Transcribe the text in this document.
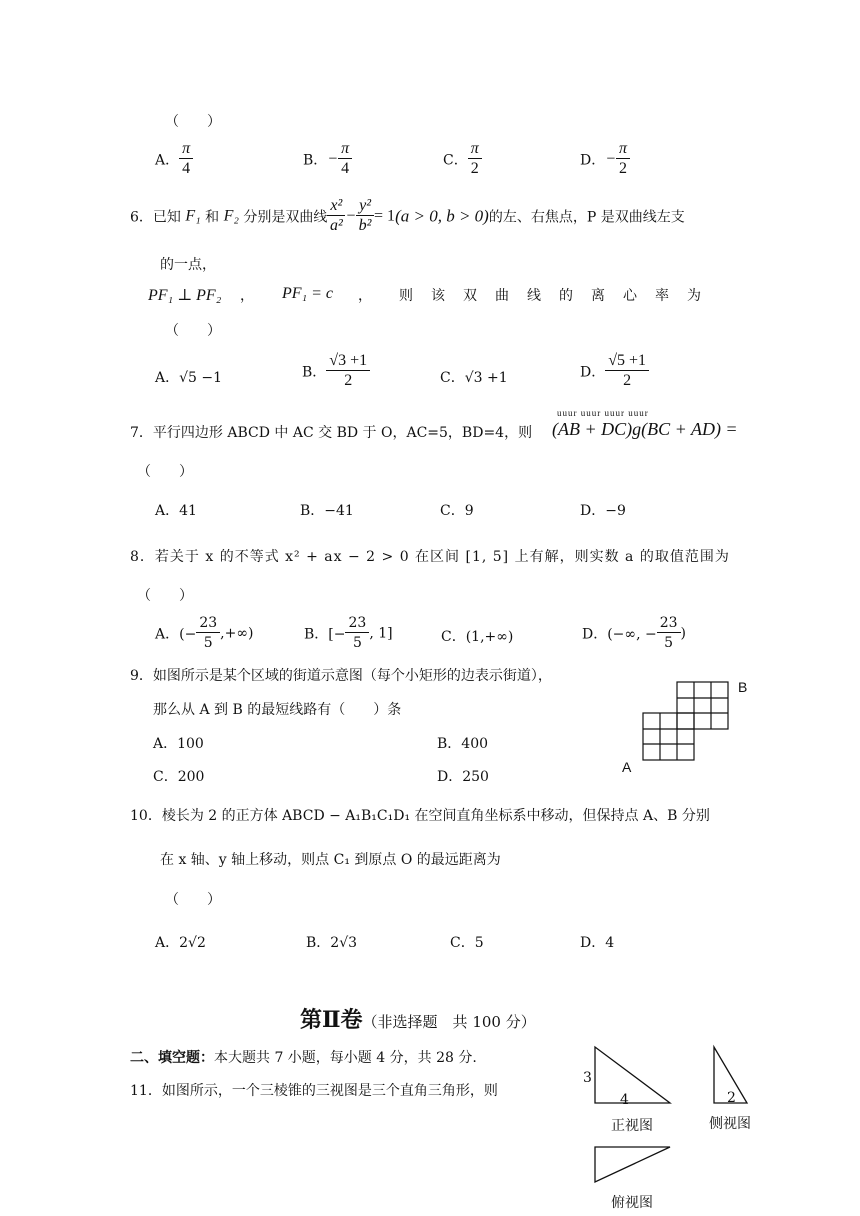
（　　）
A． $\frac{\pi}{4}$	B．− $\frac{\pi}{4}$	C． $\frac{\pi}{2}$	D．− $\frac{\pi}{2}$
6．已知 F₁ 和 F₂ 分别是双曲线 $\frac{\text{x²}}{\text{a²}} - \frac{\text{y²}}{\text{b²}} = 1(a > 0$, b > 0)的左、右焦点，P 是双曲线左支
的一点，
PF₁ ⊥ PF₂ ， PF₁ = c ， 则该双曲线的离心率为
（　　）
A．√5 −1	B． $\frac{√3 +1}{2}$	C．√3 +1	D． $\frac{√5 +1}{2}$
7．平行四边形 ABCD 中 AC 交 BD 于 O，AC=5，BD=4，则
uuur uuur uuur uuur
(AB + DC)g(BC + AD) =
（　　）
A．41	B．−41	C．9	D．−9
8．若关于 x 的不等式 x² + ax − 2 > 0 在区间 [1, 5] 上有解，则实数 a 的取值范围为
（　　）
A．(− $\frac{23}{5}$ ,+∞)	B．[− $\frac{23}{5}$ , 1]	C．(1,+∞)	D．(−∞, − $\frac{23}{5}$ )
9．如图所示是某个区域的街道示意图（每个小矩形的边表示街道），
那么从 A 到 B 的最短线路有（　　）条
A．100	B．400
C．200	D．250
B
A
10．棱长为 2 的正方体 ABCD − A₁B₁C₁D₁ 在空间直角坐标系中移动，但保持点 A、B 分别
在 x 轴、y 轴上移动，则点 C₁ 到原点 O 的最远距离为
（　　）
A．2√2	B．2√3	C．5	D．4
第Ⅱ卷（非选择题　共 100 分）
二、填空题：本大题共 7 小题，每小题 4 分，共 28 分.
11．如图所示，一个三棱锥的三视图是三个直角三角形，则
3
4
正视图
2
侧视图
俯视图
